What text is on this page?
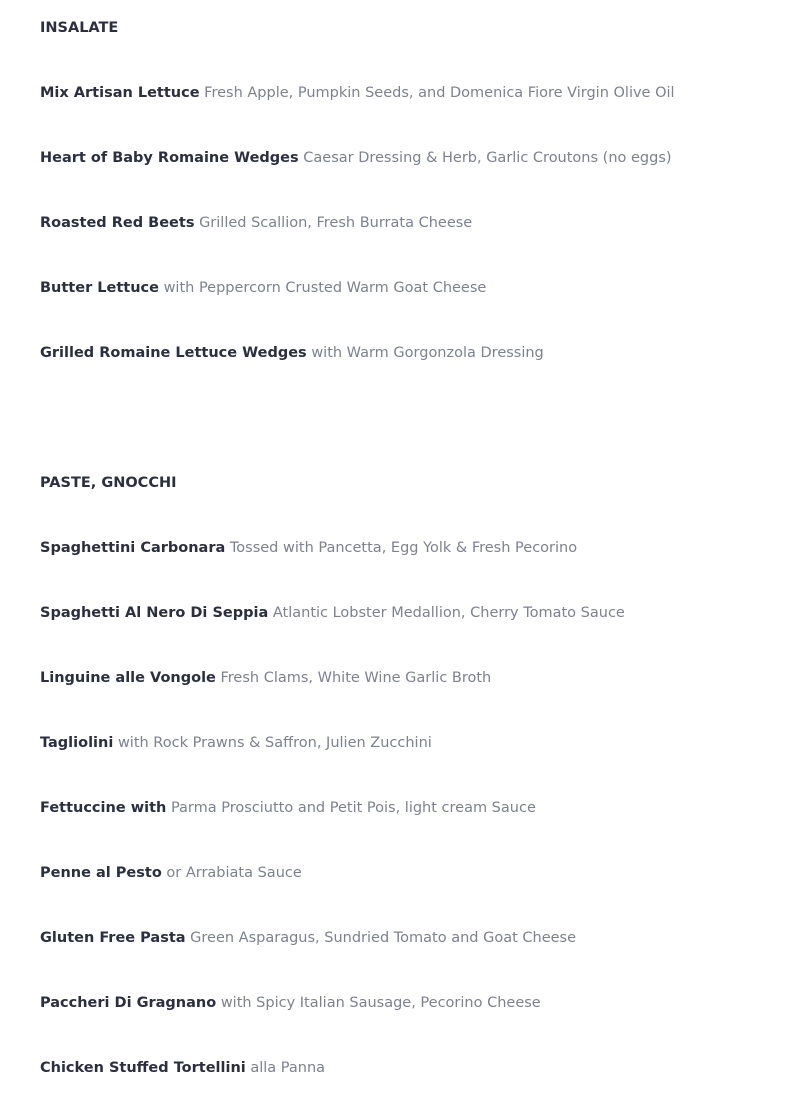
INSALATE
Mix Artisan Lettuce Fresh Apple, Pumpkin Seeds, and Domenica Fiore Virgin Olive Oil
Heart of Baby Romaine Wedges Caesar Dressing & Herb, Garlic Croutons (no eggs)
Roasted Red Beets Grilled Scallion, Fresh Burrata Cheese
Butter Lettuce with Peppercorn Crusted Warm Goat Cheese
Grilled Romaine Lettuce Wedges with Warm Gorgonzola Dressing
PASTE, GNOCCHI
Spaghettini Carbonara Tossed with Pancetta, Egg Yolk & Fresh Pecorino
Spaghetti Al Nero Di Seppia Atlantic Lobster Medallion, Cherry Tomato Sauce
Linguine alle Vongole Fresh Clams, White Wine Garlic Broth
Tagliolini with Rock Prawns & Saffron, Julien Zucchini
Fettuccine with Parma Prosciutto and Petit Pois, light cream Sauce
Penne al Pesto or Arrabiata Sauce
Gluten Free Pasta Green Asparagus, Sundried Tomato and Goat Cheese
Paccheri Di Gragnano with Spicy Italian Sausage, Pecorino Cheese
Chicken Stuffed Tortellini alla Panna
